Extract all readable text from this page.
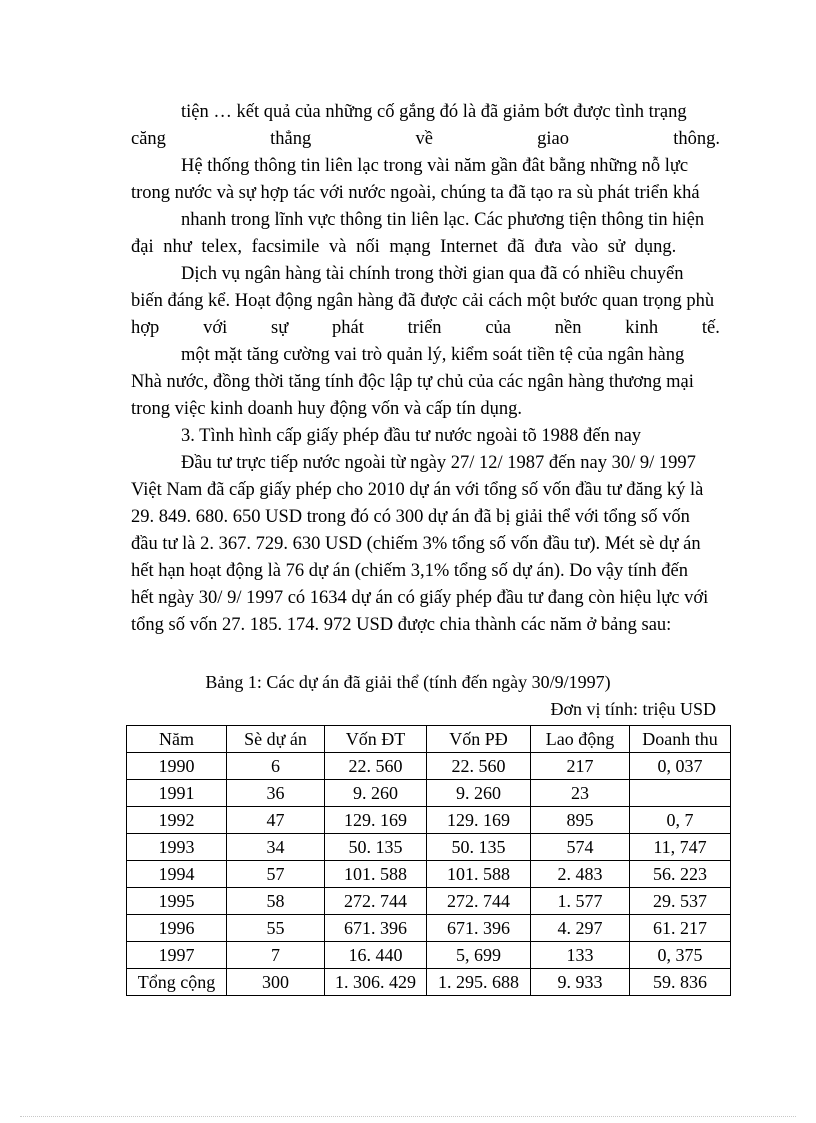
tiện … kết quả của những cố gắng đó là đã giảm bớt được tình trạng
căng	thẳng	về	giao	thông.
Hệ thống thông tin liên lạc trong vài năm gần đât bằng những nỗ lực
trong nước và sự hợp tác với nước ngoài, chúng ta đã tạo ra sù phát triển khá
nhanh trong lĩnh vực thông tin liên lạc. Các phương tiện thông tin hiện
đại như telex, facsimile và nối mạng Internet đã đưa vào sử dụng.
Dịch vụ ngân hàng tài chính trong thời gian qua đã có nhiều chuyển
biến đáng kể. Hoạt động ngân hàng đã được cải cách một bước quan trọng phù
hợp với sự phát triển của nền kinh tế.
một mặt tăng cường vai trò quản lý, kiểm soát tiền tệ của ngân hàng
Nhà nước, đồng thời tăng tính độc lập tự chủ của các ngân hàng thương mại
trong việc kinh doanh huy động vốn và cấp tín dụng.
3. Tình hình cấp giấy phép đầu tư nước ngoài tõ 1988 đến nay
Đầu tư trực tiếp nước ngoài từ ngày 27/ 12/ 1987 đến nay 30/ 9/ 1997
Việt Nam đã cấp giấy phép cho 2010 dự án với tổng số vốn đầu tư đăng ký là
29. 849. 680. 650 USD trong đó có 300 dự án đã bị giải thể với tổng số vốn
đầu tư là 2. 367. 729. 630 USD (chiếm 3% tổng số vốn đầu tư). Mét sè dự án
hết hạn hoạt động là 76 dự án (chiếm 3,1% tổng số dự án). Do vậy tính đến
hết ngày 30/ 9/ 1997 có 1634 dự án có giấy phép đầu tư đang còn hiệu lực với
tổng số vốn 27. 185. 174. 972 USD được chia thành các năm ở bảng sau:
Bảng 1: Các dự án đã giải thể (tính đến ngày 30/9/1997)
Đơn vị tính: triệu USD
Năm	Sè dự án	Vốn ĐT	Vốn PĐ	Lao động	Doanh thu
1990	6	22. 560	22. 560	217	0, 037
1991	36	9. 260	9. 260	23	
1992	47	129. 169	129. 169	895	0, 7
1993	34	50. 135	50. 135	574	11, 747
1994	57	101. 588	101. 588	2. 483	56. 223
1995	58	272. 744	272. 744	1. 577	29. 537
1996	55	671. 396	671. 396	4. 297	61. 217
1997	7	16. 440	5, 699	133	0, 375
Tổng cộng	300	1. 306. 429	1. 295. 688	9. 933	59. 836
